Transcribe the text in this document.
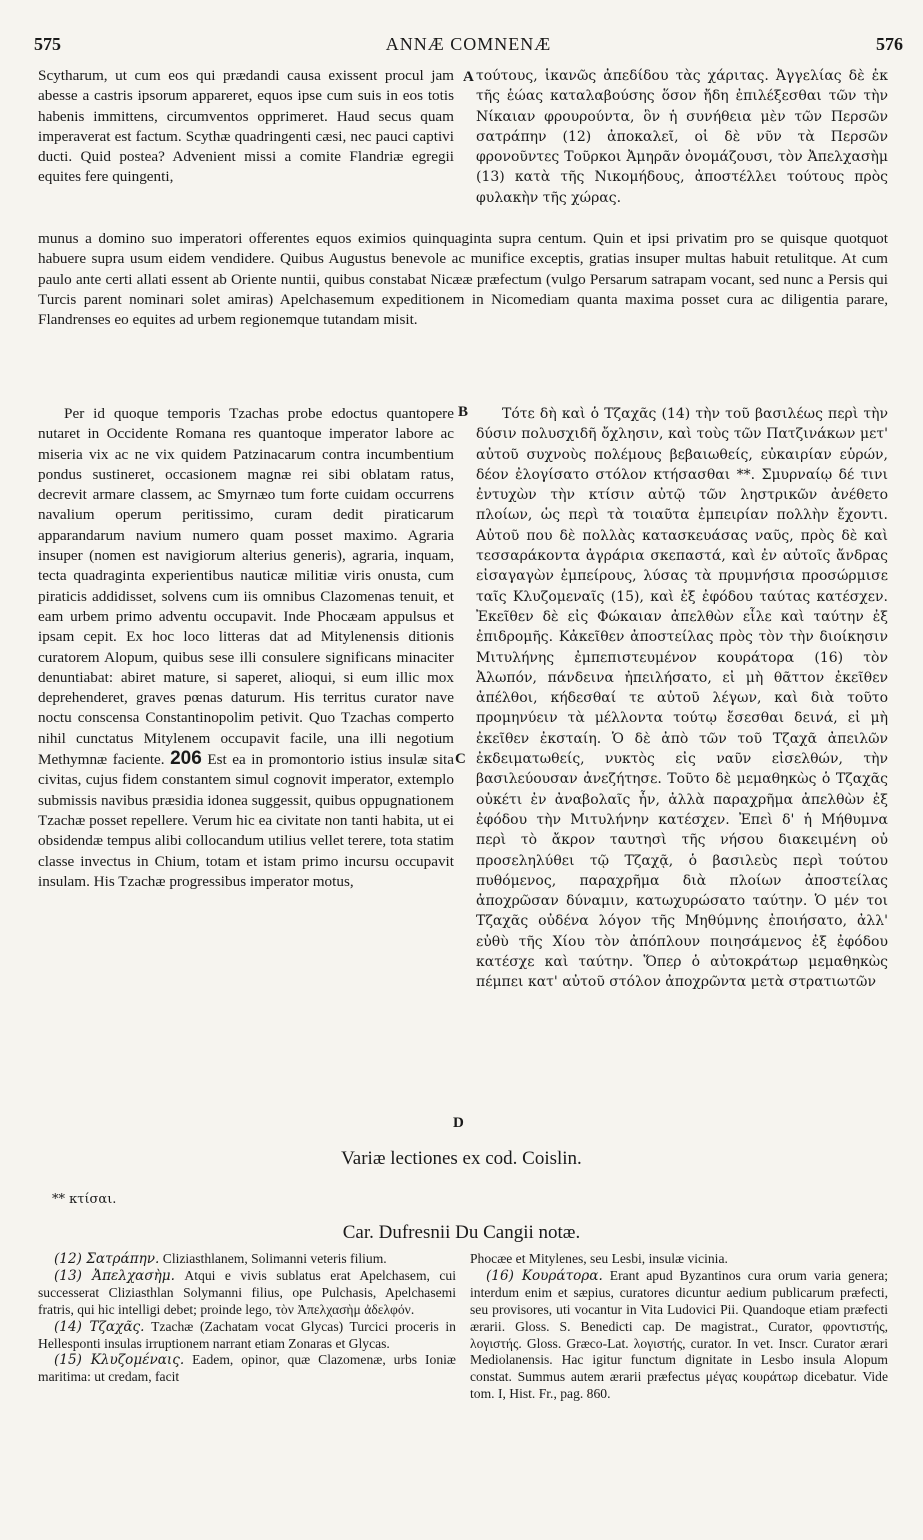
575	ANNÆ COMNENÆ	576

Scytharum, ut cum eos qui prædandi causa exissent procul jam abesse a castris ipsorum appareret, equos ipse cum suis in eos totis habenis immittens, circumventos opprimeret. Haud secus quam imperaverat est factum. Scythæ quadringenti cæsi, nec pauci captivi ducti. Quid postea? Advenient missi a comite Flandriæ egregii equites fere quingenti,

A τούτους, ἱκανῶς ἀπεδίδου τὰς χάριτας. Ἀγγελίας δὲ ἐκ τῆς ἑώας καταλαβούσης ὅσον ἤδη ἐπιλέξεσθαι τῶν τὴν Νίκαιαν φρουρούντα, ὃν ἡ συνήθεια μὲν τῶν Περσῶν σατράπην (12) ἀποκαλεῖ, οἱ δὲ νῦν τὰ Περσῶν φρονοῦντες Τοῦρκοι Ἀμηρᾶν ὀνομάζουσι, τὸν Ἀπελχασὴμ (13) κατὰ τῆς Νικομήδους, ἀποστέλλει τούτους πρὸς φυλακὴν τῆς χώρας.

munus a domino suo imperatori offerentes equos eximios quinquaginta supra centum. Quin et ipsi privatim pro se quisque quotquot habuere supra usum eidem vendidere. Quibus Augustus benevole ac munifice exceptis, gratias insuper multas habuit retulitque. At cum paulo ante certi allati essent ab Oriente nuntii, quibus constabat Nicææ præfectum (vulgo Persarum satrapam vocant, sed nunc a Persis qui Turcis parent nominari solet amiras) Apelchasemum expeditionem in Nicomediam quanta maxima posset cura ac diligentia parare, Flandrenses eo equites ad urbem regionemque tutandam misit.

Per id quoque temporis Tzachas probe edoctus quantopere nutaret in Occidente Romana res quantoque imperator labore ac miseria vix ac ne vix quidem Patzinacarum contra incumbentium pondus sustineret, occasionem magnæ rei sibi oblatam ratus, decrevit armare classem, ac Smyrnæo tum forte cuidam occurrens navalium operum peritissimo, curam dedit piraticarum apparandarum navium numero quam posset maximo. Agraria insuper (nomen est navigiorum alterius generis), agraria, inquam, tecta quadraginta experientibus nauticæ militiæ viris onusta, cum piraticis addidisset, solvens cum iis omnibus Clazomenas tenuit, et eam urbem primo adventu occupavit. Inde Phocæam appulsus et ipsam cepit. Ex hoc loco litteras dat ad Mitylenensis ditionis curatorem Alopum, quibus sese illi consulere significans minaciter denuntiabat: abiret mature, si saperet, alioqui, si eum illic mox deprehenderet, graves pœnas daturum. His territus curator nave noctu conscensa Constantinopolim petivit. Quo Tzachas comperto nihil cunctatus Mitylenem occupavit facile, una illi negotium Methymnæ faciente. 206 Est ea in promontorio istius insulæ sita civitas, cujus fidem constantem simul cognovit imperator, extemplo submissis navibus præsidia idonea suggessit, quibus oppugnationem Tzachæ posset repellere. Verum hic ea civitate non tanti habita, ut ei obsidendæ tempus alibi collocandum utilius vellet terere, tota statim classe invectus in Chium, totam et istam primo incursu occupavit insulam. His Tzachæ progressibus imperator motus,

B
C
D

Τότε δὴ καὶ ὁ Τζαχᾶς (14) τὴν τοῦ βασιλέως περὶ τὴν δύσιν πολυσχιδῆ ὄχλησιν, καὶ τοὺς τῶν Πατζινάκων μετ' αὐτοῦ συχνοὺς πολέμους βεβαιωθείς, εὐκαιρίαν εὑρών, δέον ἐλογίσατο στόλον κτήσασθαι **. Σμυρναίῳ δέ τινι ἐντυχὼν τὴν κτίσιν αὐτῷ τῶν ληστρικῶν ἀνέθετο πλοίων, ὡς περὶ τὰ τοιαῦτα ἐμπειρίαν πολλὴν ἔχοντι. Αὐτοῦ που δὲ πολλὰς κατασκευάσας ναῦς, πρὸς δὲ καὶ τεσσαράκοντα ἀγράρια σκεπαστά, καὶ ἐν αὐτοῖς ἄνδρας εἰσαγαγὼν ἐμπείρους, λύσας τὰ πρυμνήσια προσώρμισε ταῖς Κλυζομεναῖς (15), καὶ ἐξ ἐφόδου ταύτας κατέσχεν. Ἐκεῖθεν δὲ εἰς Φώκαιαν ἀπελθὼν εἷλε καὶ ταύτην ἐξ ἐπιδρομῆς. Κἀκεῖθεν ἀποστείλας πρὸς τὸν τὴν διοίκησιν Μιτυλήνης ἐμπεπιστευμένον κουράτορα (16) τὸν Ἀλωπόν, πάνδεινα ἠπειλήσατο, εἰ μὴ θᾶττον ἐκεῖθεν ἀπέλθοι, κήδεσθαί τε αὐτοῦ λέγων, καὶ διὰ τοῦτο προμηνύειν τὰ μέλλοντα τούτῳ ἔσεσθαι δεινά, εἰ μὴ ἐκεῖθεν ἐκσταίη. Ὁ δὲ ἀπὸ τῶν τοῦ Τζαχᾶ ἀπειλῶν ἐκδειματωθείς, νυκτὸς εἰς ναῦν εἰσελθών, τὴν βασιλεύουσαν ἀνεζήτησε. Τοῦτο δὲ μεμαθηκὼς ὁ Τζαχᾶς οὐκέτι ἐν ἀναβολαῖς ἦν, ἀλλὰ παραχρῆμα ἀπελθὼν ἐξ ἐφόδου τὴν Μιτυλήνην κατέσχεν. Ἐπεὶ δ' ἡ Μήθυμνα περὶ τὸ ἄκρον ταυτησὶ τῆς νήσου διακειμένη οὐ προσεληλύθει τῷ Τζαχᾷ, ὁ βασιλεὺς περὶ τούτου πυθόμενος, παραχρῆμα διὰ πλοίων ἀποστείλας ἀποχρῶσαν δύναμιν, κατωχυρώσατο ταύτην. Ὁ μέν τοι Τζαχᾶς οὐδένα λόγον τῆς Μηθύμνης ἐποιήσατο, ἀλλ' εὐθὺ τῆς Χίου τὸν ἀπόπλουν ποιησάμενος ἐξ ἐφόδου κατέσχε καὶ ταύτην. Ὅπερ ὁ αὐτοκράτωρ μεμαθηκὼς πέμπει κατ' αὐτοῦ στόλον ἀποχρῶντα μετὰ στρατιωτῶν

Variæ lectiones ex cod. Coislin.
** κτίσαι.
Car. Dufresnii Du Cangii notæ.

(12) Σατράπην. Cliziasthlanem, Solimanni veteris filium.

(13) Ἀπελχασὴμ. Atqui e vivis sublatus erat Apelchasem, cui successerat Cliziasthlan Solymanni filius, ope Pulchasis, Apelchasemi fratris, qui hic intelligi debet; proinde lego, τὸν Ἀπελχασὴμ ἀδελφόν.

(14) Τζαχᾶς. Tzachæ (Zachatam vocat Glycas) Turcici proceris in Hellesponti insulas irruptionem narrant etiam Zonaras et Glycas.

(15) Κλυζομέναις. Eadem, opinor, quæ Clazomenæ, urbs Ioniæ maritima: ut credam, facit

Phocæe et Mitylenes, seu Lesbi, insulæ vicinia.

(16) Κουράτορα. Erant apud Byzantinos cura orum varia genera; interdum enim et sæpius, curatores dicuntur aedium publicarum præfecti, seu provisores, uti vocantur in Vita Ludovici Pii. Quandoque etiam præfecti ærarii. Gloss. S. Benedicti cap. De magistrat., Curator, φροντιστής, λογιστής. Gloss. Græco-Lat. λογιστής, curator. In vet. Inscr. Curator ærari Mediolanensis. Hac igitur functum dignitate in Lesbo insula Alopum constat. Summus autem ærarii præfectus μέγας κουράτωρ dicebatur. Vide tom. I, Hist. Fr., pag. 860.
